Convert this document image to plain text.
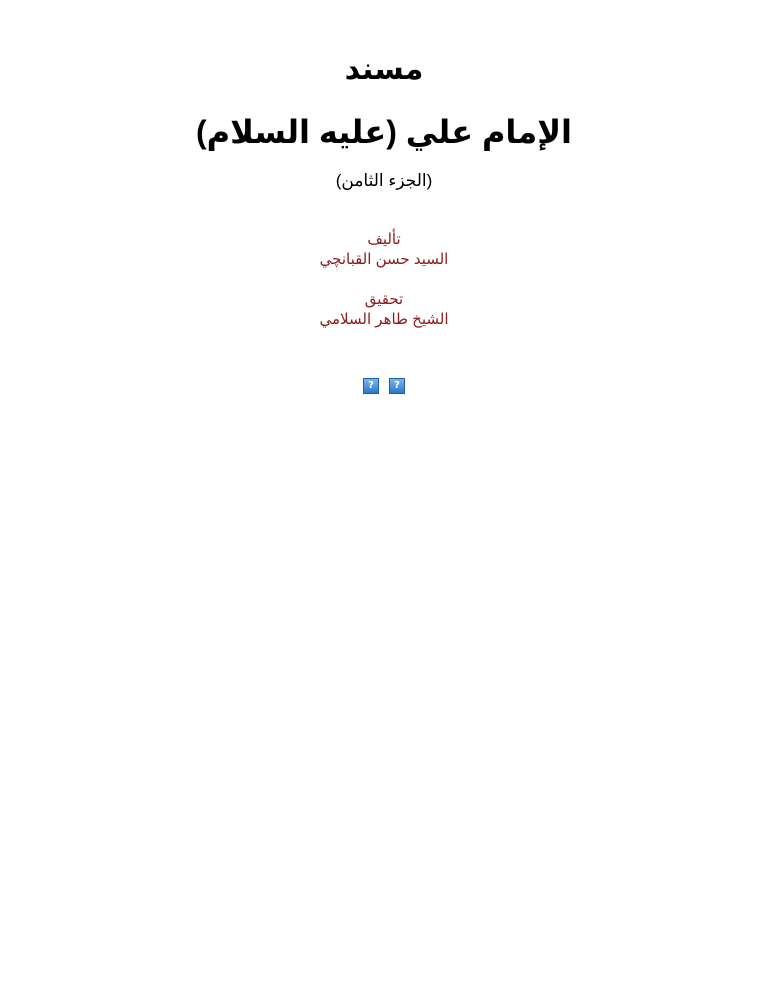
مسند
الإمام علي (عليه السلام)
(الجزء الثامن)
تأليف
السيد حسن القبانچي
تحقيق
الشيخ طاهر السلامي
? ?
